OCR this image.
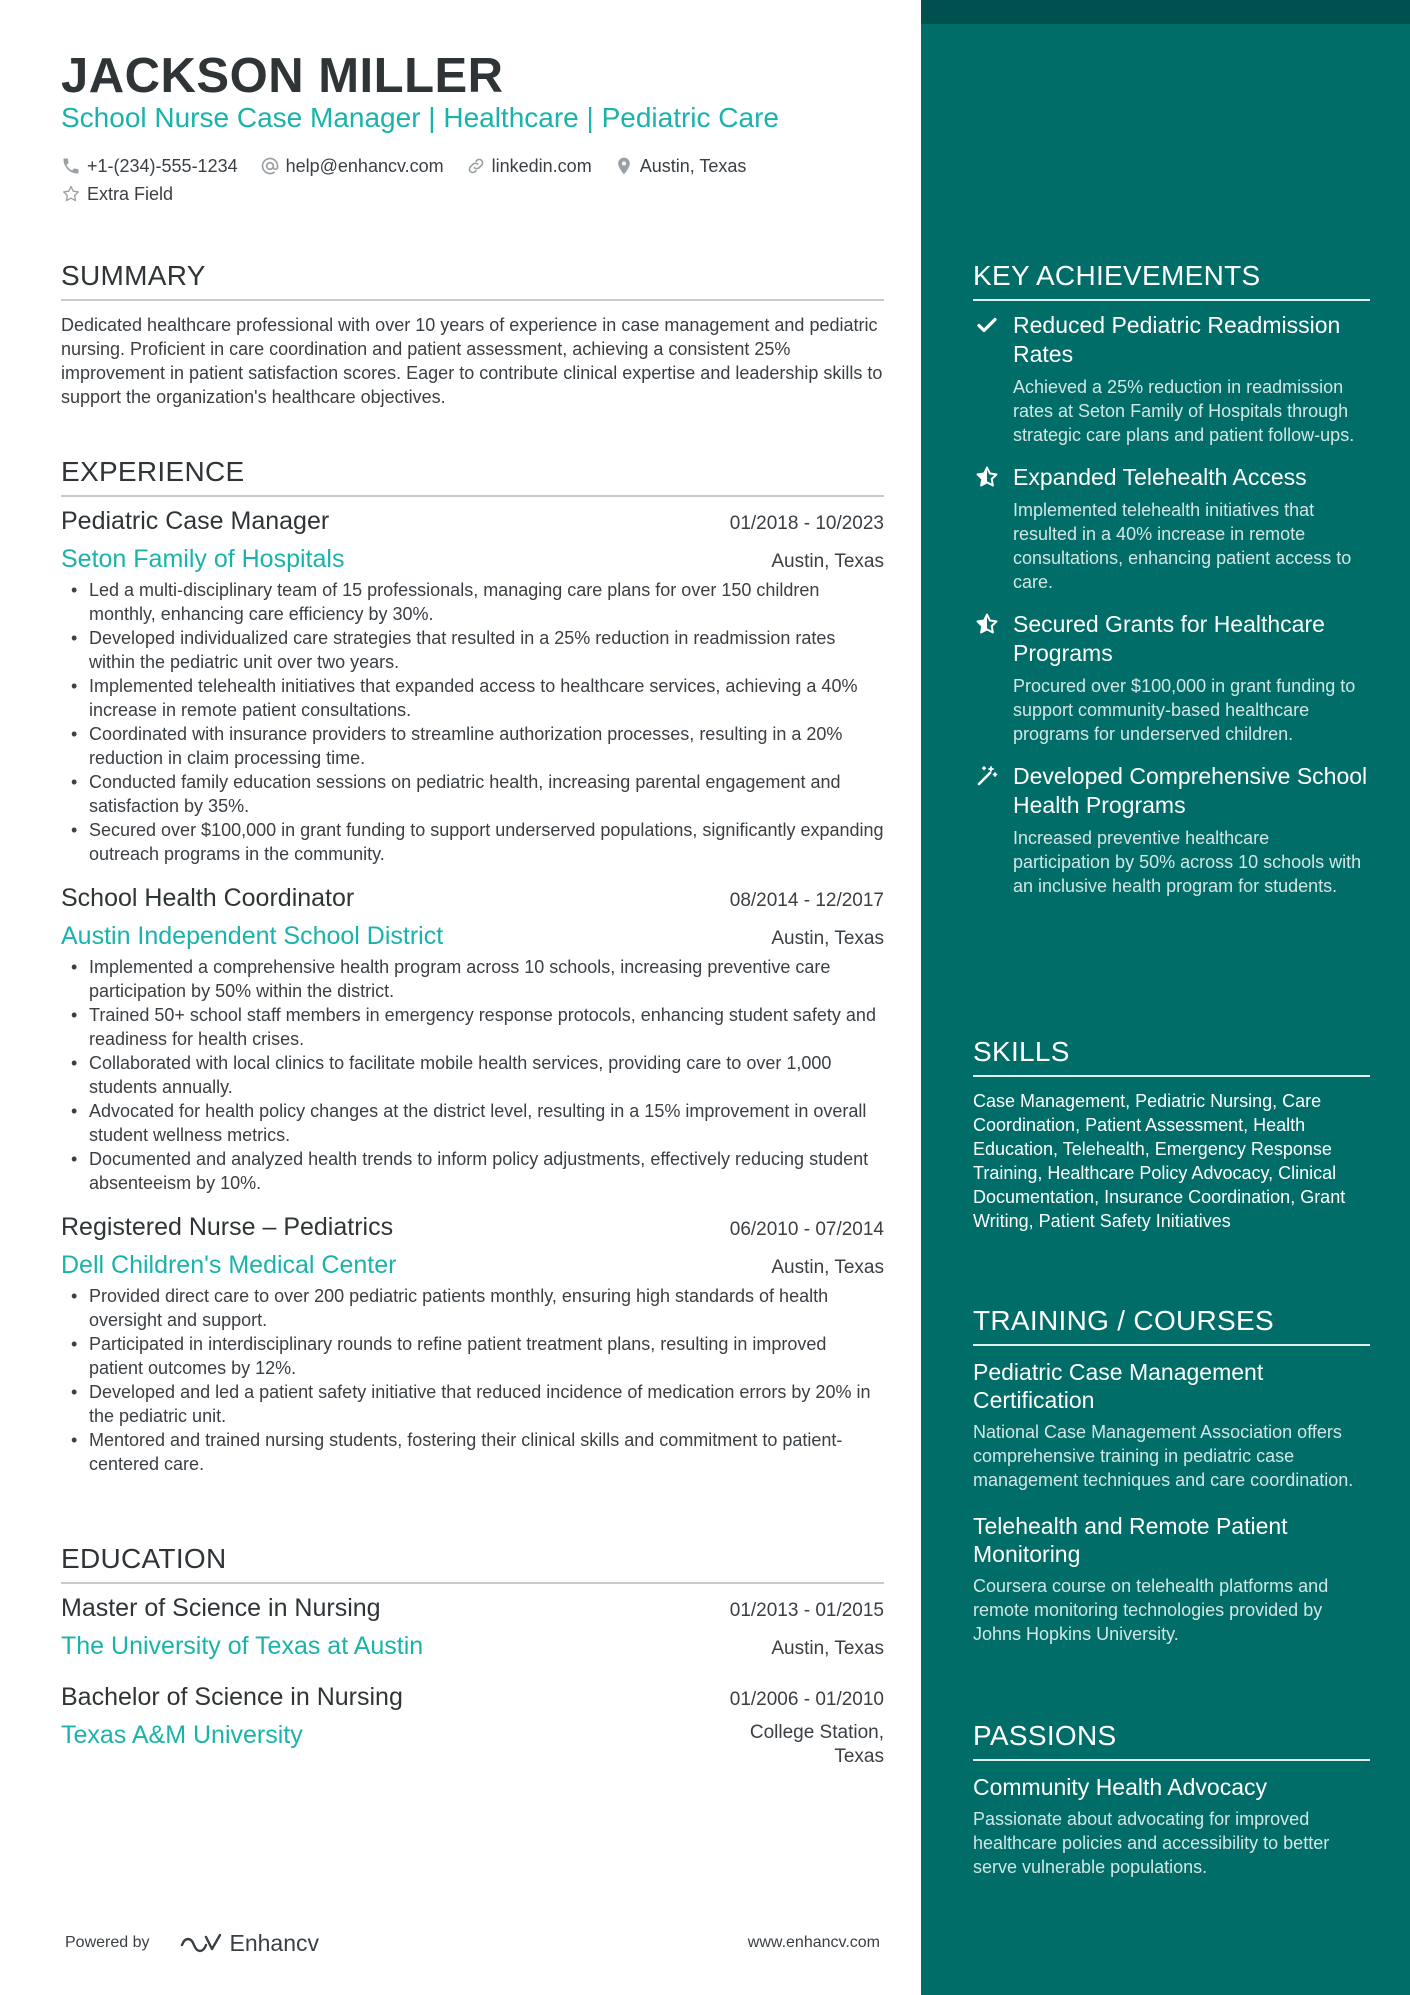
JACKSON MILLER
School Nurse Case Manager | Healthcare | Pediatric Care
+1-(234)-555-1234	help@enhancv.com	linkedin.com	Austin, Texas
Extra Field
SUMMARY
Dedicated healthcare professional with over 10 years of experience in case management and pediatric nursing. Proficient in care coordination and patient assessment, achieving a consistent 25% improvement in patient satisfaction scores. Eager to contribute clinical expertise and leadership skills to support the organization's healthcare objectives.
EXPERIENCE
Pediatric Case Manager	01/2018 - 10/2023
Seton Family of Hospitals	Austin, Texas
• Led a multi-disciplinary team of 15 professionals, managing care plans for over 150 children monthly, enhancing care efficiency by 30%.
• Developed individualized care strategies that resulted in a 25% reduction in readmission rates within the pediatric unit over two years.
• Implemented telehealth initiatives that expanded access to healthcare services, achieving a 40% increase in remote patient consultations.
• Coordinated with insurance providers to streamline authorization processes, resulting in a 20% reduction in claim processing time.
• Conducted family education sessions on pediatric health, increasing parental engagement and satisfaction by 35%.
• Secured over $100,000 in grant funding to support underserved populations, significantly expanding outreach programs in the community.
School Health Coordinator	08/2014 - 12/2017
Austin Independent School District	Austin, Texas
• Implemented a comprehensive health program across 10 schools, increasing preventive care participation by 50% within the district.
• Trained 50+ school staff members in emergency response protocols, enhancing student safety and readiness for health crises.
• Collaborated with local clinics to facilitate mobile health services, providing care to over 1,000 students annually.
• Advocated for health policy changes at the district level, resulting in a 15% improvement in overall student wellness metrics.
• Documented and analyzed health trends to inform policy adjustments, effectively reducing student absenteeism by 10%.
Registered Nurse – Pediatrics	06/2010 - 07/2014
Dell Children's Medical Center	Austin, Texas
• Provided direct care to over 200 pediatric patients monthly, ensuring high standards of health oversight and support.
• Participated in interdisciplinary rounds to refine patient treatment plans, resulting in improved patient outcomes by 12%.
• Developed and led a patient safety initiative that reduced incidence of medication errors by 20% in the pediatric unit.
• Mentored and trained nursing students, fostering their clinical skills and commitment to patient-centered care.
EDUCATION
Master of Science in Nursing	01/2013 - 01/2015
The University of Texas at Austin	Austin, Texas
Bachelor of Science in Nursing	01/2006 - 01/2010
Texas A&M University	College Station,
Texas
Powered by	Enhancv	www.enhancv.com
KEY ACHIEVEMENTS
Reduced Pediatric Readmission Rates
Achieved a 25% reduction in readmission rates at Seton Family of Hospitals through strategic care plans and patient follow-ups.
Expanded Telehealth Access
Implemented telehealth initiatives that resulted in a 40% increase in remote consultations, enhancing patient access to care.
Secured Grants for Healthcare Programs
Procured over $100,000 in grant funding to support community-based healthcare programs for underserved children.
Developed Comprehensive School Health Programs
Increased preventive healthcare participation by 50% across 10 schools with an inclusive health program for students.
SKILLS
Case Management, Pediatric Nursing, Care Coordination, Patient Assessment, Health Education, Telehealth, Emergency Response Training, Healthcare Policy Advocacy, Clinical Documentation, Insurance Coordination, Grant Writing, Patient Safety Initiatives
TRAINING / COURSES
Pediatric Case Management Certification
National Case Management Association offers comprehensive training in pediatric case management techniques and care coordination.
Telehealth and Remote Patient Monitoring
Coursera course on telehealth platforms and remote monitoring technologies provided by Johns Hopkins University.
PASSIONS
Community Health Advocacy
Passionate about advocating for improved healthcare policies and accessibility to better serve vulnerable populations.
